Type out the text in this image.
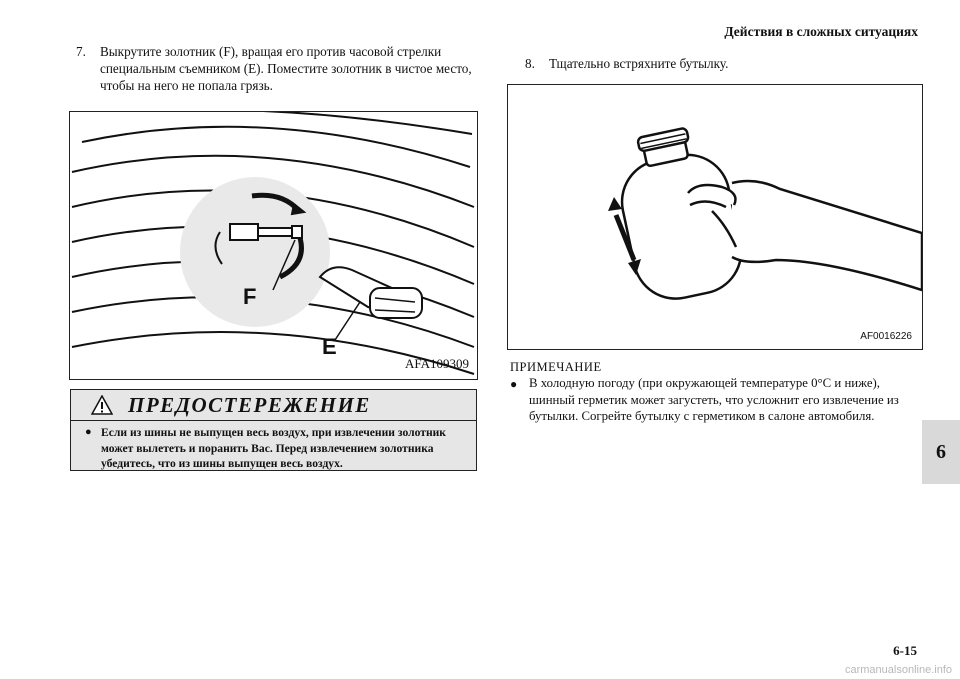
Действия в сложных ситуациях
6
7.	Выкрутите золотник (F), вращая его против часовой стрелки специальным съемником (E). Поместите золотник в чистое место, чтобы на него не попала грязь.
F
E
AFA109309
ПРЕДОСТЕРЕЖЕНИЕ
● Если из шины не выпущен весь воздух, при извлечении золотник может вылететь и поранить Вас. Перед извлечением золотника убедитесь, что из шины выпущен весь воздух.
8.	Тщательно встряхните бутылку.
AF0016226
ПРИМЕЧАНИЕ
● В холодную погоду (при окружающей температуре 0°C и ниже), шинный герметик может загустеть, что усложнит его извлечение из бутылки. Согрейте бутылку с герметиком в салоне автомобиля.
6-15
carmanualsonline.info
